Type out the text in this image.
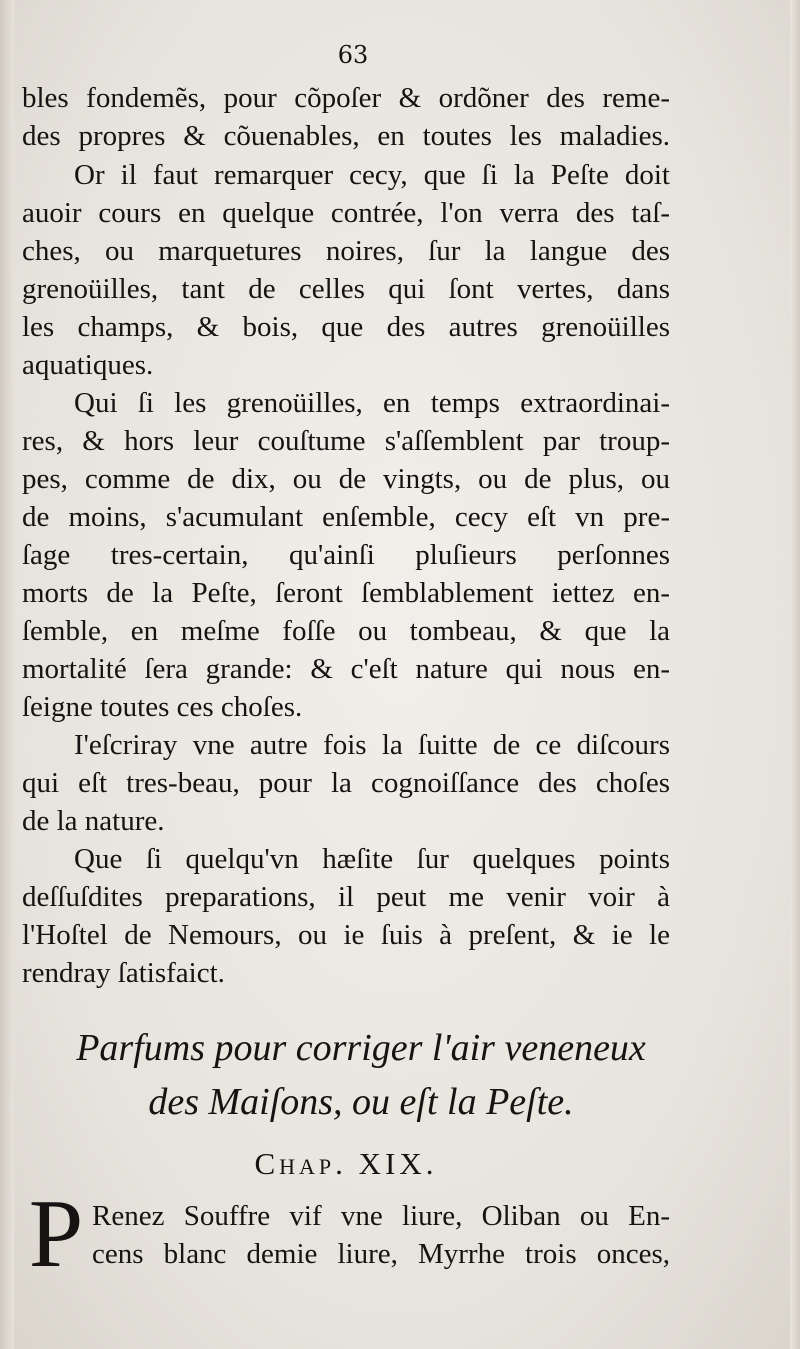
63
bles fondemẽs, pour cõpoſer & ordõner des reme-
des propres & cõuenables, en toutes les maladies.
Or il faut remarquer cecy, que ſi la Peſte doit
auoir cours en quelque contrée, l'on verra des taſ-
ches, ou marquetures noires, ſur la langue des
grenoüilles, tant de celles qui ſont vertes, dans
les champs, & bois, que des autres grenoüilles
aquatiques.
Qui ſi les grenoüilles, en temps extraordinai-
res, & hors leur couſtume s'aſſemblent par troup-
pes, comme de dix, ou de vingts, ou de plus, ou
de moins, s'acumulant enſemble, cecy eſt vn pre-
ſage tres-certain, qu'ainſi pluſieurs perſonnes
morts de la Peſte, ſeront ſemblablement iettez en-
ſemble, en meſme foſſe ou tombeau, & que la
mortalité ſera grande: & c'eſt nature qui nous en-
ſeigne toutes ces choſes.
I'eſcriray vne autre fois la ſuitte de ce diſcours
qui eſt tres-beau, pour la cognoiſſance des choſes
de la nature.
Que ſi quelqu'vn hæſite ſur quelques points
deſſuſdites preparations, il peut me venir voir à
l'Hoſtel de Nemours, ou ie ſuis à preſent, & ie le
rendray ſatisfaict.
Parfums pour corriger l'air veneneux
des Maiſons, ou eſt la Peſte.
Chap. XIX.
P Renez Souffre vif vne liure, Oliban ou En-
cens blanc demie liure, Myrrhe trois onces,
